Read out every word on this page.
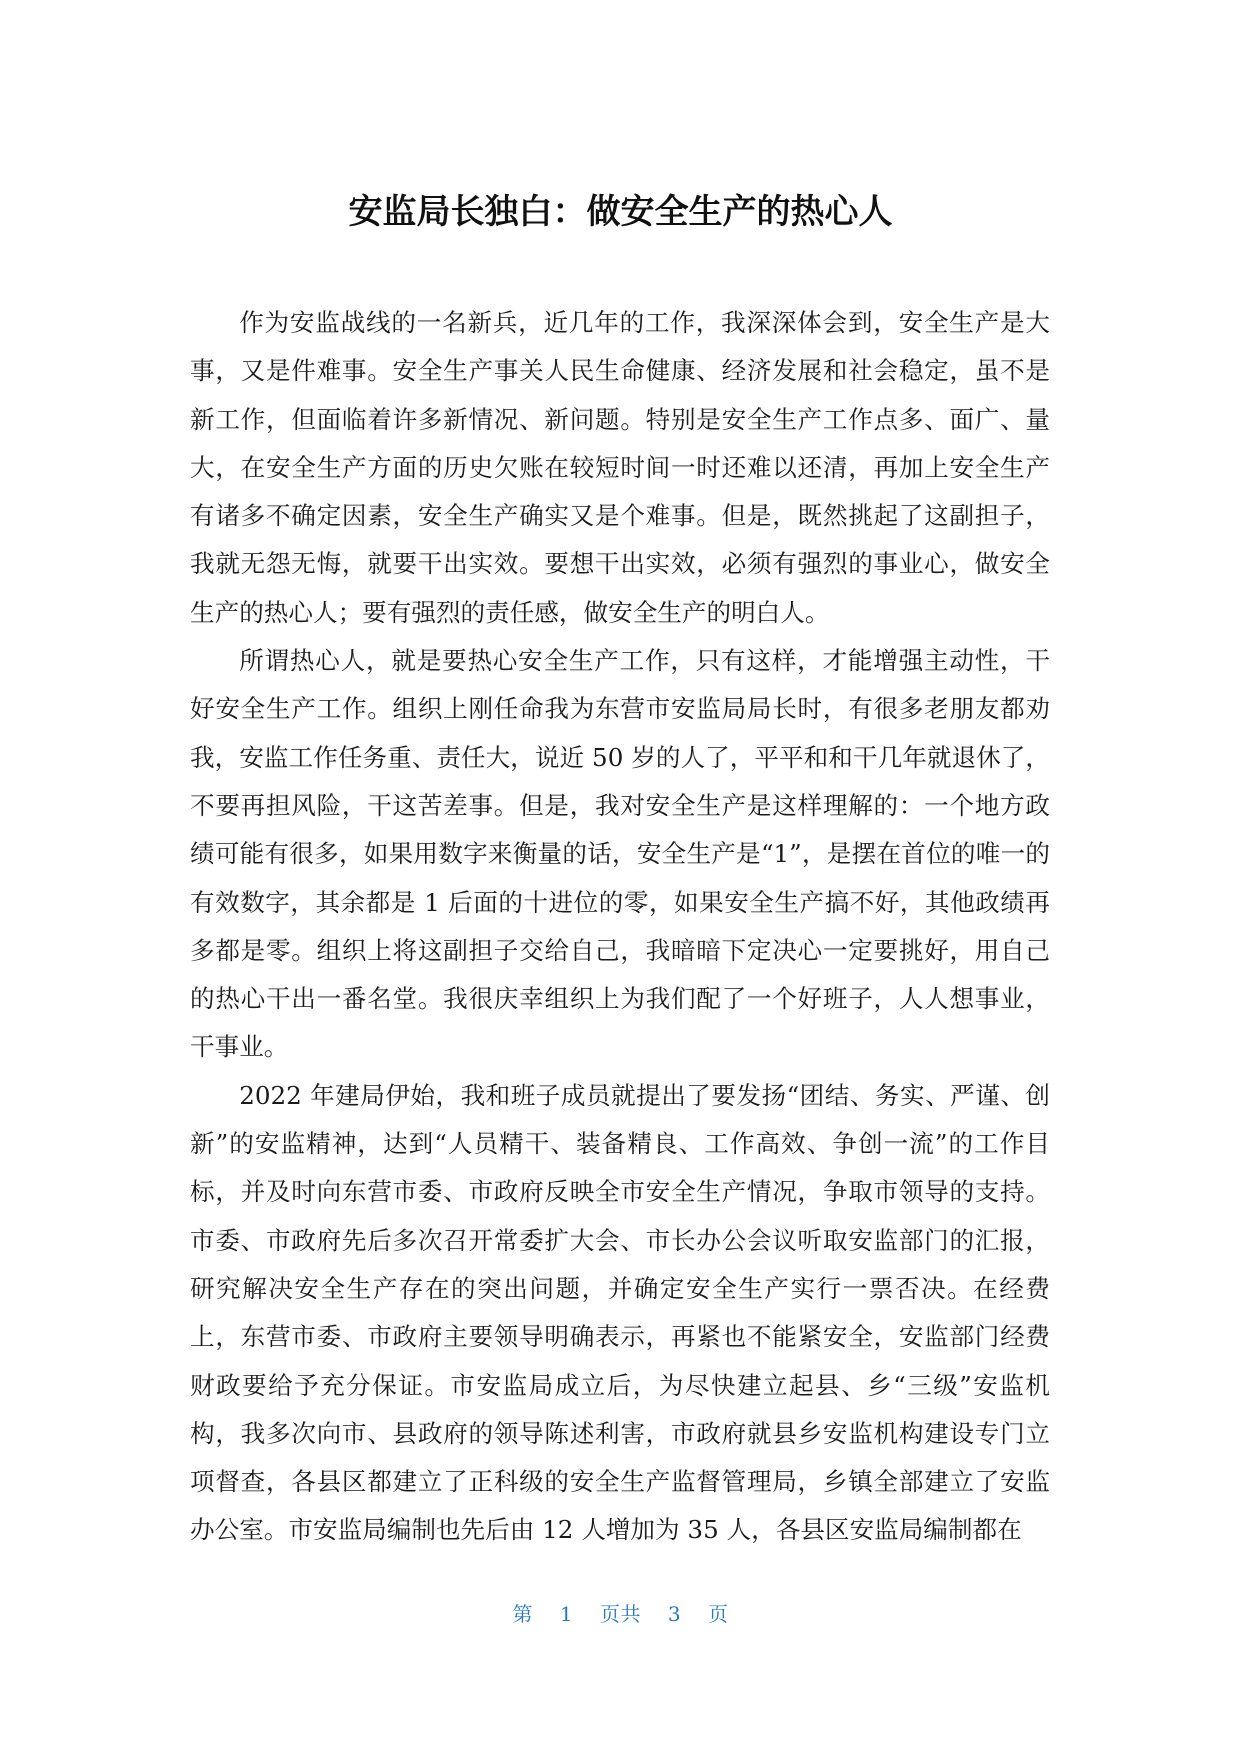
安监局长独白：做安全生产的热心人

作为安监战线的一名新兵，近几年的工作，我深深体会到，安全生产是大事，又是件难事。安全生产事关人民生命健康、经济发展和社会稳定，虽不是新工作，但面临着许多新情况、新问题。特别是安全生产工作点多、面广、量大，在安全生产方面的历史欠账在较短时间一时还难以还清，再加上安全生产有诸多不确定因素，安全生产确实又是个难事。但是，既然挑起了这副担子，我就无怨无悔，就要干出实效。要想干出实效，必须有强烈的事业心，做安全生产的热心人；要有强烈的责任感，做安全生产的明白人。

所谓热心人，就是要热心安全生产工作，只有这样，才能增强主动性，干好安全生产工作。组织上刚任命我为东营市安监局局长时，有很多老朋友都劝我，安监工作任务重、责任大，说近 50 岁的人了，平平和和干几年就退休了，不要再担风险，干这苦差事。但是，我对安全生产是这样理解的：一个地方政绩可能有很多，如果用数字来衡量的话，安全生产是“1”，是摆在首位的唯一的有效数字，其余都是 1 后面的十进位的零，如果安全生产搞不好，其他政绩再多都是零。组织上将这副担子交给自己，我暗暗下定决心一定要挑好，用自己的热心干出一番名堂。我很庆幸组织上为我们配了一个好班子，人人想事业，干事业。

2022 年建局伊始，我和班子成员就提出了要发扬“团结、务实、严谨、创新”的安监精神，达到“人员精干、装备精良、工作高效、争创一流”的工作目标，并及时向东营市委、市政府反映全市安全生产情况，争取市领导的支持。市委、市政府先后多次召开常委扩大会、市长办公会议听取安监部门的汇报，研究解决安全生产存在的突出问题，并确定安全生产实行一票否决。在经费上，东营市委、市政府主要领导明确表示，再紧也不能紧安全，安监部门经费财政要给予充分保证。市安监局成立后，为尽快建立起县、乡“三级”安监机构，我多次向市、县政府的领导陈述利害，市政府就县乡安监机构建设专门立项督查，各县区都建立了正科级的安全生产监督管理局，乡镇全部建立了安监办公室。市安监局编制也先后由 12 人增加为 35 人，各县区安监局编制都在

第 1 页共 3 页
